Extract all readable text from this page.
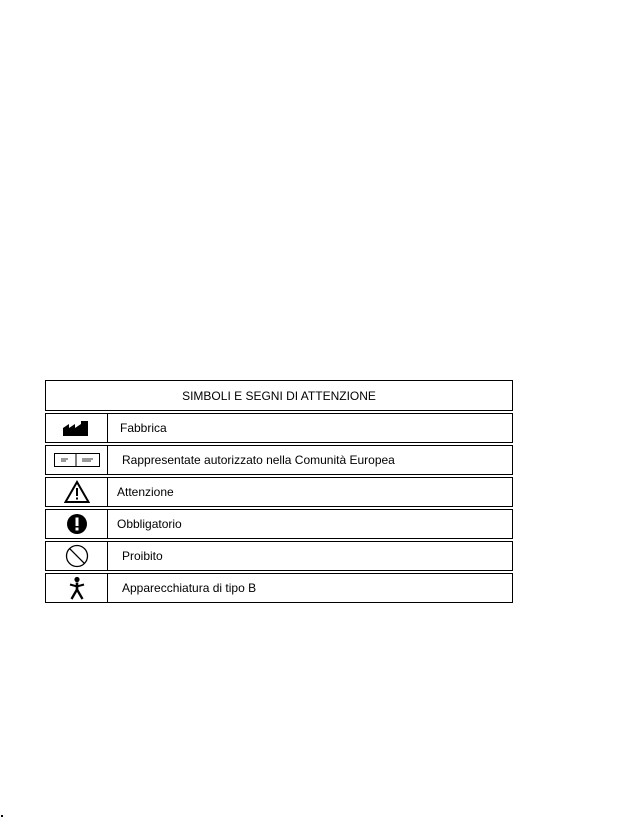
SIMBOLI E SEGNI DI ATTENZIONE
Fabbrica
Rappresentate autorizzato nella Comunità Europea
Attenzione
Obbligatorio
Proibito
Apparecchiatura di tipo B
